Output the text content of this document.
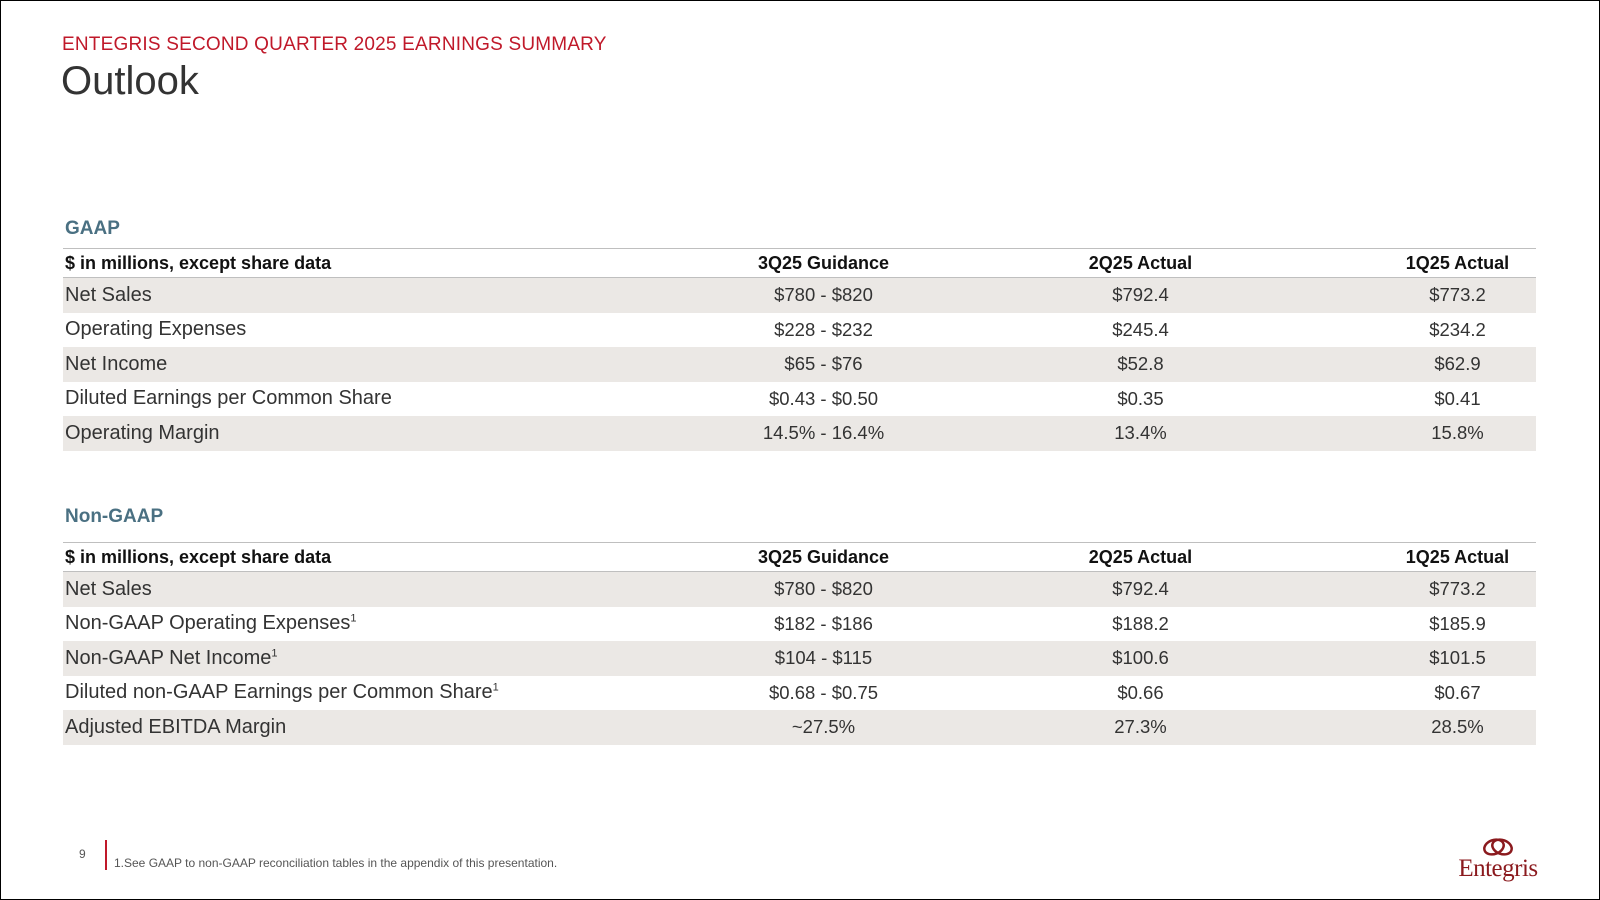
ENTEGRIS SECOND QUARTER 2025 EARNINGS SUMMARY
Outlook
GAAP
$ in millions, except share data	3Q25 Guidance	2Q25 Actual	1Q25 Actual
Net Sales	$780 - $820	$792.4	$773.2
Operating Expenses	$228 - $232	$245.4	$234.2
Net Income	$65 - $76	$52.8	$62.9
Diluted Earnings per Common Share	$0.43 - $0.50	$0.35	$0.41
Operating Margin	14.5% - 16.4%	13.4%	15.8%
Non-GAAP
$ in millions, except share data	3Q25 Guidance	2Q25 Actual	1Q25 Actual
Net Sales	$780 - $820	$792.4	$773.2
Non-GAAP Operating Expenses$^1$	$182 - $186	$188.2	$185.9
Non-GAAP Net Income$^1$	$104 - $115	$100.6	$101.5
Diluted non-GAAP Earnings per Common Share$^1$	$0.68 - $0.75	$0.66	$0.67
Adjusted EBITDA Margin	~27.5%	27.3%	28.5%
9
1.See GAAP to non-GAAP reconciliation tables in the appendix of this presentation.	Entegris
